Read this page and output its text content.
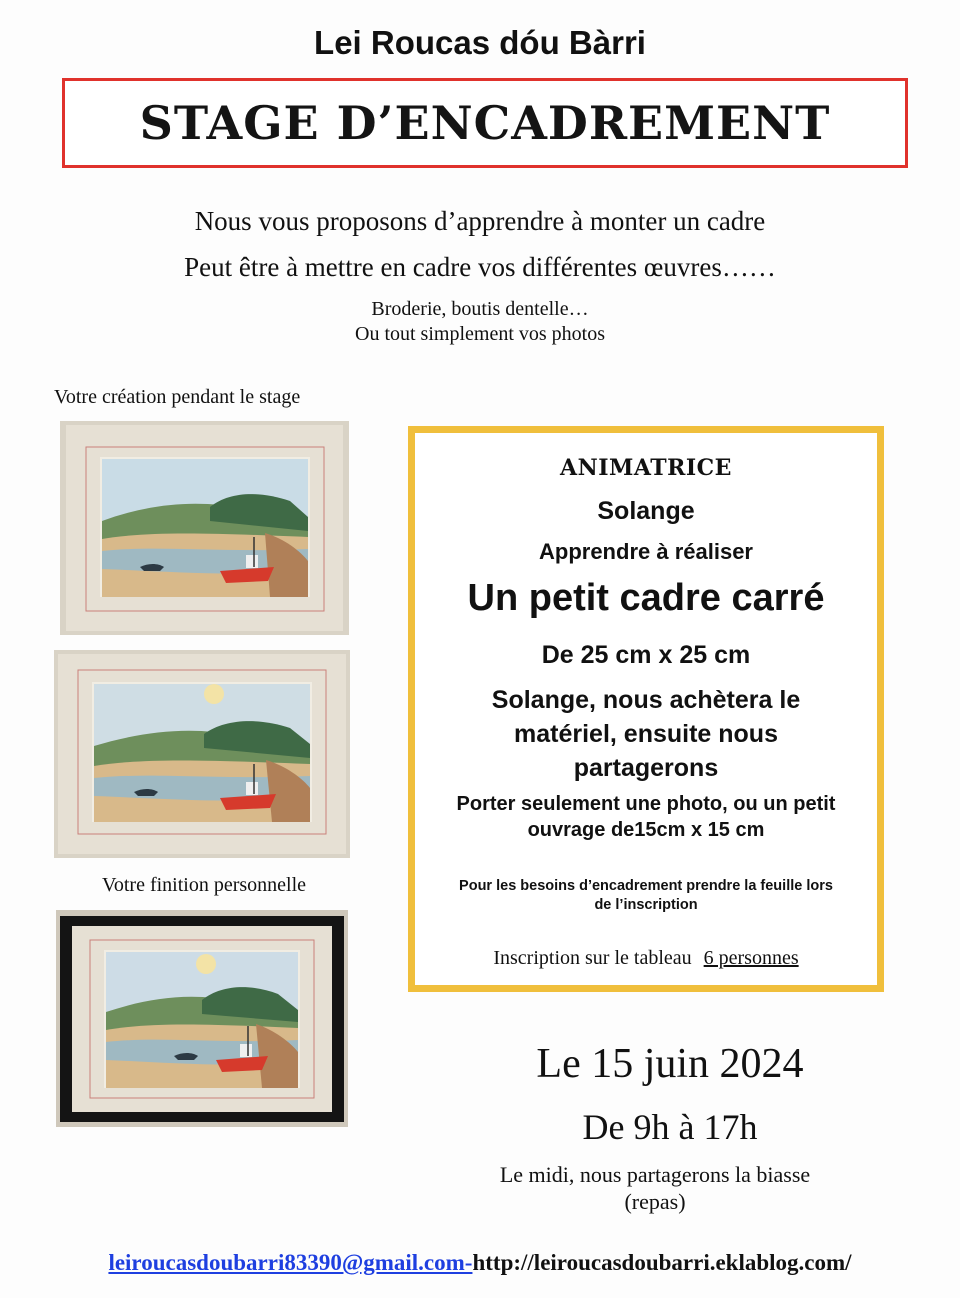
Lei Roucas dóu Bàrri
STAGE D’ENCADREMENT
Nous vous proposons d’apprendre à monter un cadre
Peut être à mettre en cadre vos différentes œuvres……
Broderie, boutis dentelle…
Ou tout simplement vos photos
Votre création pendant le stage
Votre finition personnelle
ANIMATRICE
Solange
Apprendre à réaliser
Un petit cadre carré
De 25 cm x 25 cm
Solange, nous achètera le
matériel, ensuite nous
partagerons
Porter seulement une photo, ou un petit
ouvrage de15cm x 15 cm
Pour les besoins d’encadrement prendre la feuille lors
de l’inscription
Inscription sur le tableau 6 personnes
Le 15 juin 2024
De 9h à 17h
Le midi, nous partagerons la biasse
(repas)
leiroucasdoubarri83390@gmail.com-http://leiroucasdoubarri.eklablog.com/
